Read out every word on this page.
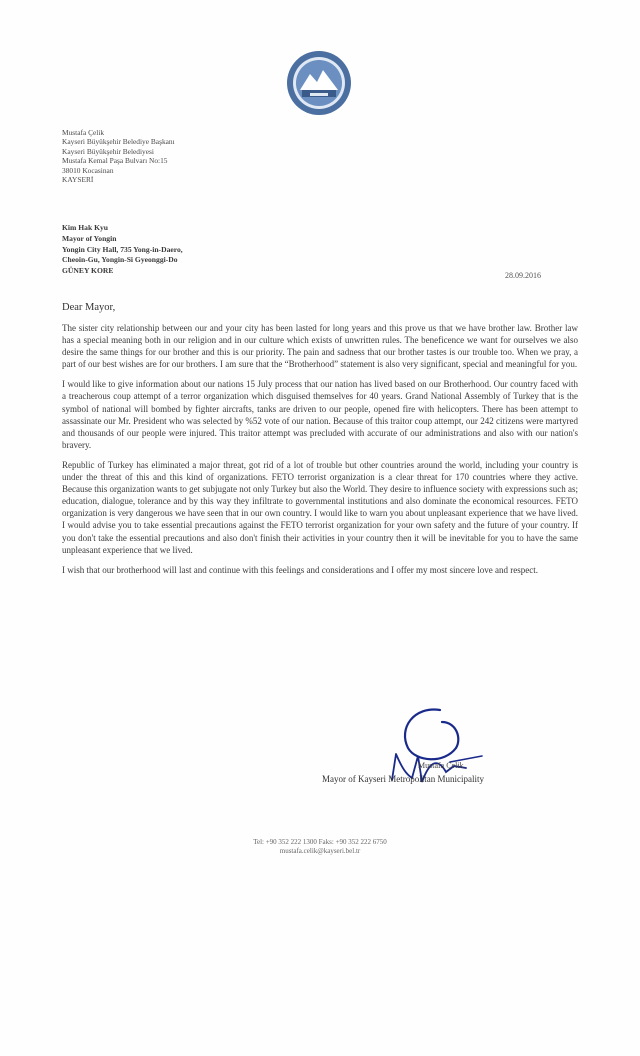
Mustafa Çelik
Kayseri Büyükşehir Belediye Başkanı
Kayseri Büyükşehir Belediyesi
Mustafa Kemal Paşa Bulvarı No:15
38010 Kocasinan
KAYSERİ
Kim Hak Kyu
Mayor of Yongin
Yongin City Hall, 735 Yong-in-Daero,
Cheoin-Gu, Yongin-Si Gyeonggi-Do
GÜNEY KORE
28.09.2016
Dear Mayor,

The sister city relationship between our and your city has been lasted for long years and this prove us that we have brother law. Brother law has a special meaning both in our religion and in our culture which exists of unwritten rules. The beneficence we want for ourselves we also desire the same things for our brother and this is our priority. The pain and sadness that our brother tastes is our trouble too. When we pray, a part of our best wishes are for our brothers. I am sure that the “Brotherhood” statement is also very significant, special and meaningful for you.

I would like to give information about our nations 15 July process that our nation has lived based on our Brotherhood. Our country faced with a treacherous coup attempt of a terror organization which disguised themselves for 40 years. Grand National Assembly of Turkey that is the symbol of national will bombed by fighter aircrafts, tanks are driven to our people, opened fire with helicopters. There has been attempt to assassinate our Mr. President who was selected by %52 vote of our nation. Because of this traitor coup attempt, our 242 citizens were martyred and thousands of our people were injured. This traitor attempt was precluded with accurate of our administrations and also with our nation's bravery.

Republic of Turkey has eliminated a major threat, got rid of a lot of trouble but other countries around the world, including your country is under the threat of this and this kind of organizations. FETO terrorist organization is a clear threat for 170 countries where they active. Because this organization wants to get subjugate not only Turkey but also the World. They desire to influence society with expressions such as; education, dialogue, tolerance and by this way they infiltrate to governmental institutions and also dominate the economical resources. FETO organization is very dangerous we have seen that in our own country. I would like to warn you about unpleasant experience that we have lived. I would advise you to take essential precautions against the FETO terrorist organization for your own safety and the future of your country. If you don't take the essential precautions and also don't finish their activities in your country then it will be inevitable for you to have the same unpleasant experience that we lived.

I wish that our brotherhood will last and continue with this feelings and considerations and I offer my most sincere love and respect.

Mustafa Çelik
Mayor of Kayseri Metropolitan Municipality
Tel: +90 352 222 1300 Faks: +90 352 222 6750
mustafa.celik@kayseri.bel.tr
